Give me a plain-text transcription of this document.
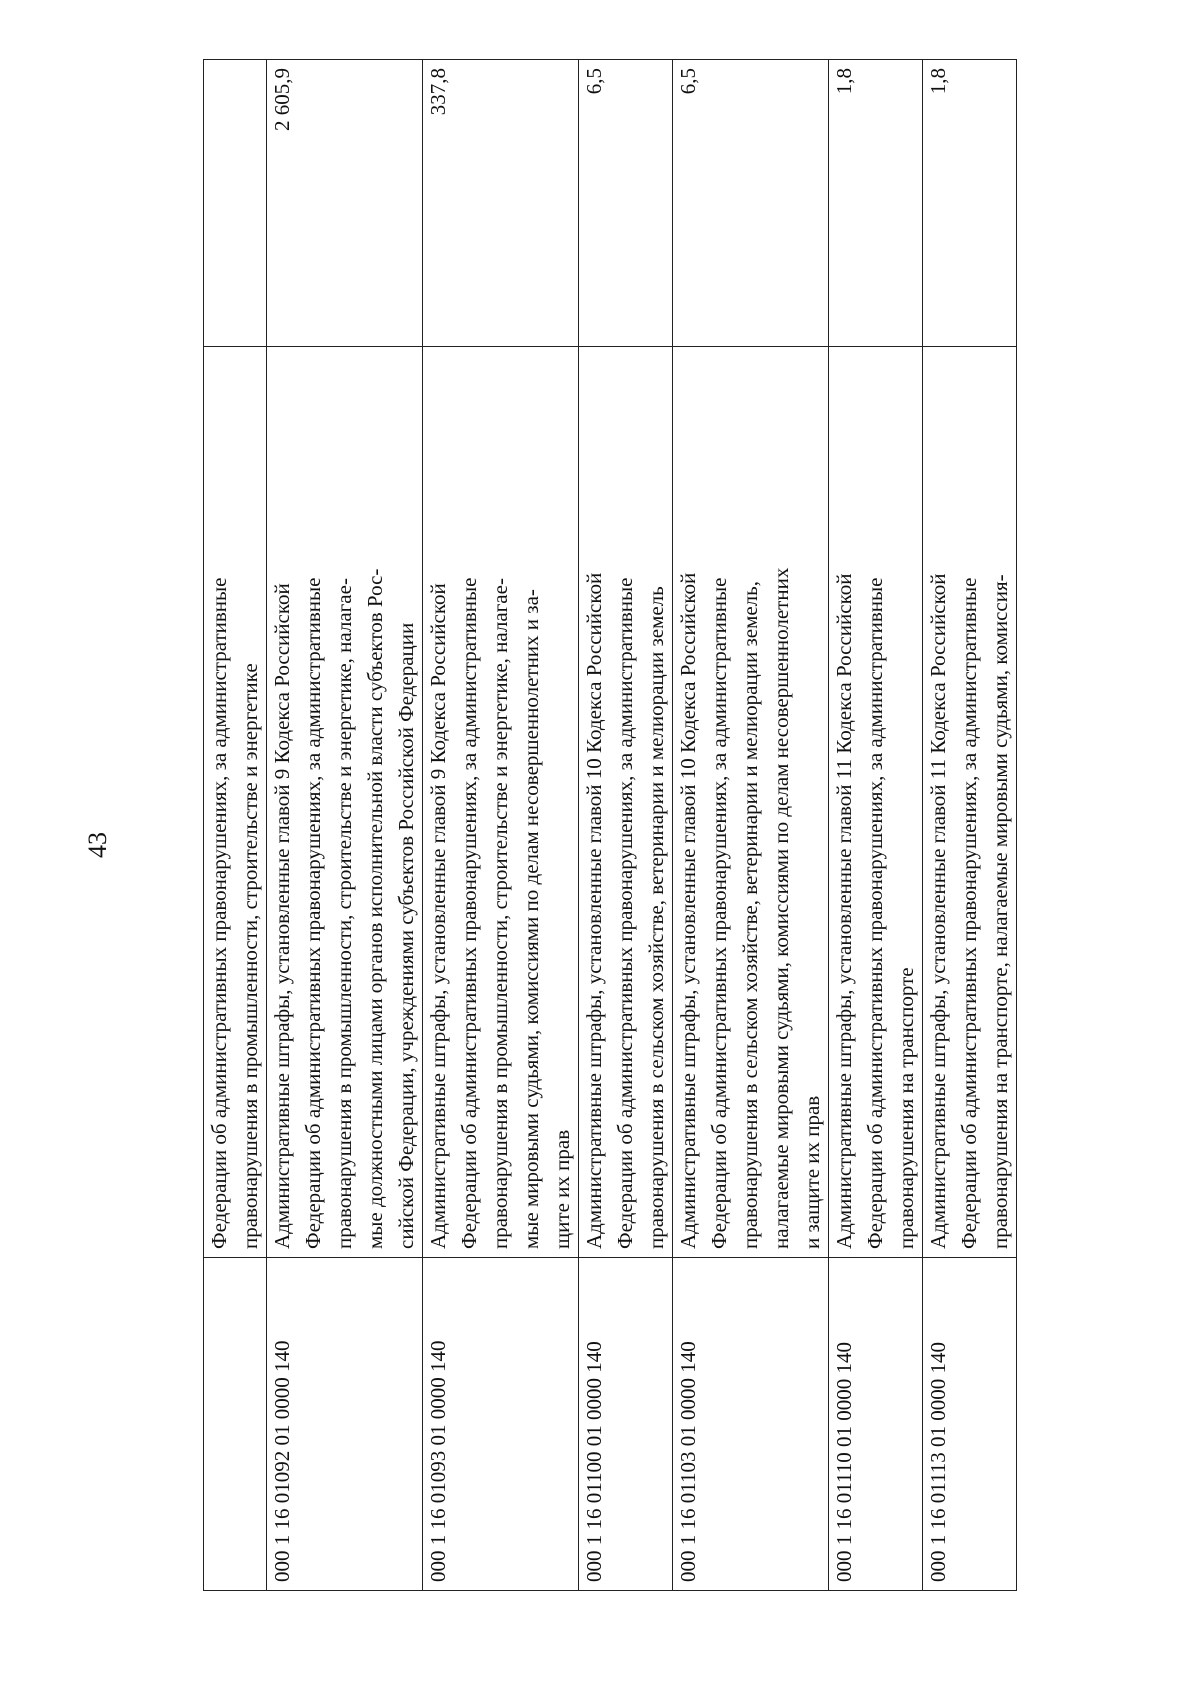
43

	Федерации об административных правонарушениях, за административные правонарушения в промышленности, строительстве и энергетике	

000 1 16 01092 01 0000 140	Административные штрафы, установленные главой 9 Кодекса Российской Федерации об административных правонарушениях, за административные правонарушения в промышленности, строительстве и энергетике, налагае- мые должностными лицами органов исполнительной власти субъектов Рос- сийской Федерации, учреждениями субъектов Российской Федерации	2 605,9
000 1 16 01093 01 0000 140	Административные штрафы, установленные главой 9 Кодекса Российской Федерации об административных правонарушениях, за административные правонарушения в промышленности, строительстве и энергетике, налагае- мые мировыми судьями, комиссиями по делам несовершеннолетних и за- щите их прав	337,8
000 1 16 01100 01 0000 140	Административные штрафы, установленные главой 10 Кодекса Российской Федерации об административных правонарушениях, за административные правонарушения в сельском хозяйстве, ветеринарии и мелиорации земель	6,5
000 1 16 01103 01 0000 140	Административные штрафы, установленные главой 10 Кодекса Российской Федерации об административных правонарушениях, за административные правонарушения в сельском хозяйстве, ветеринарии и мелиорации земель, налагаемые мировыми судьями, комиссиями по делам несовершеннолетних и защите их прав	6,5
000 1 16 01110 01 0000 140	Административные штрафы, установленные главой 11 Кодекса Российской Федерации об административных правонарушениях, за административные правонарушения на транспорте	1,8
000 1 16 01113 01 0000 140	Административные штрафы, установленные главой 11 Кодекса Российской Федерации об административных правонарушениях, за административные правонарушения на транспорте, налагаемые мировыми судьями, комиссия-	1,8
